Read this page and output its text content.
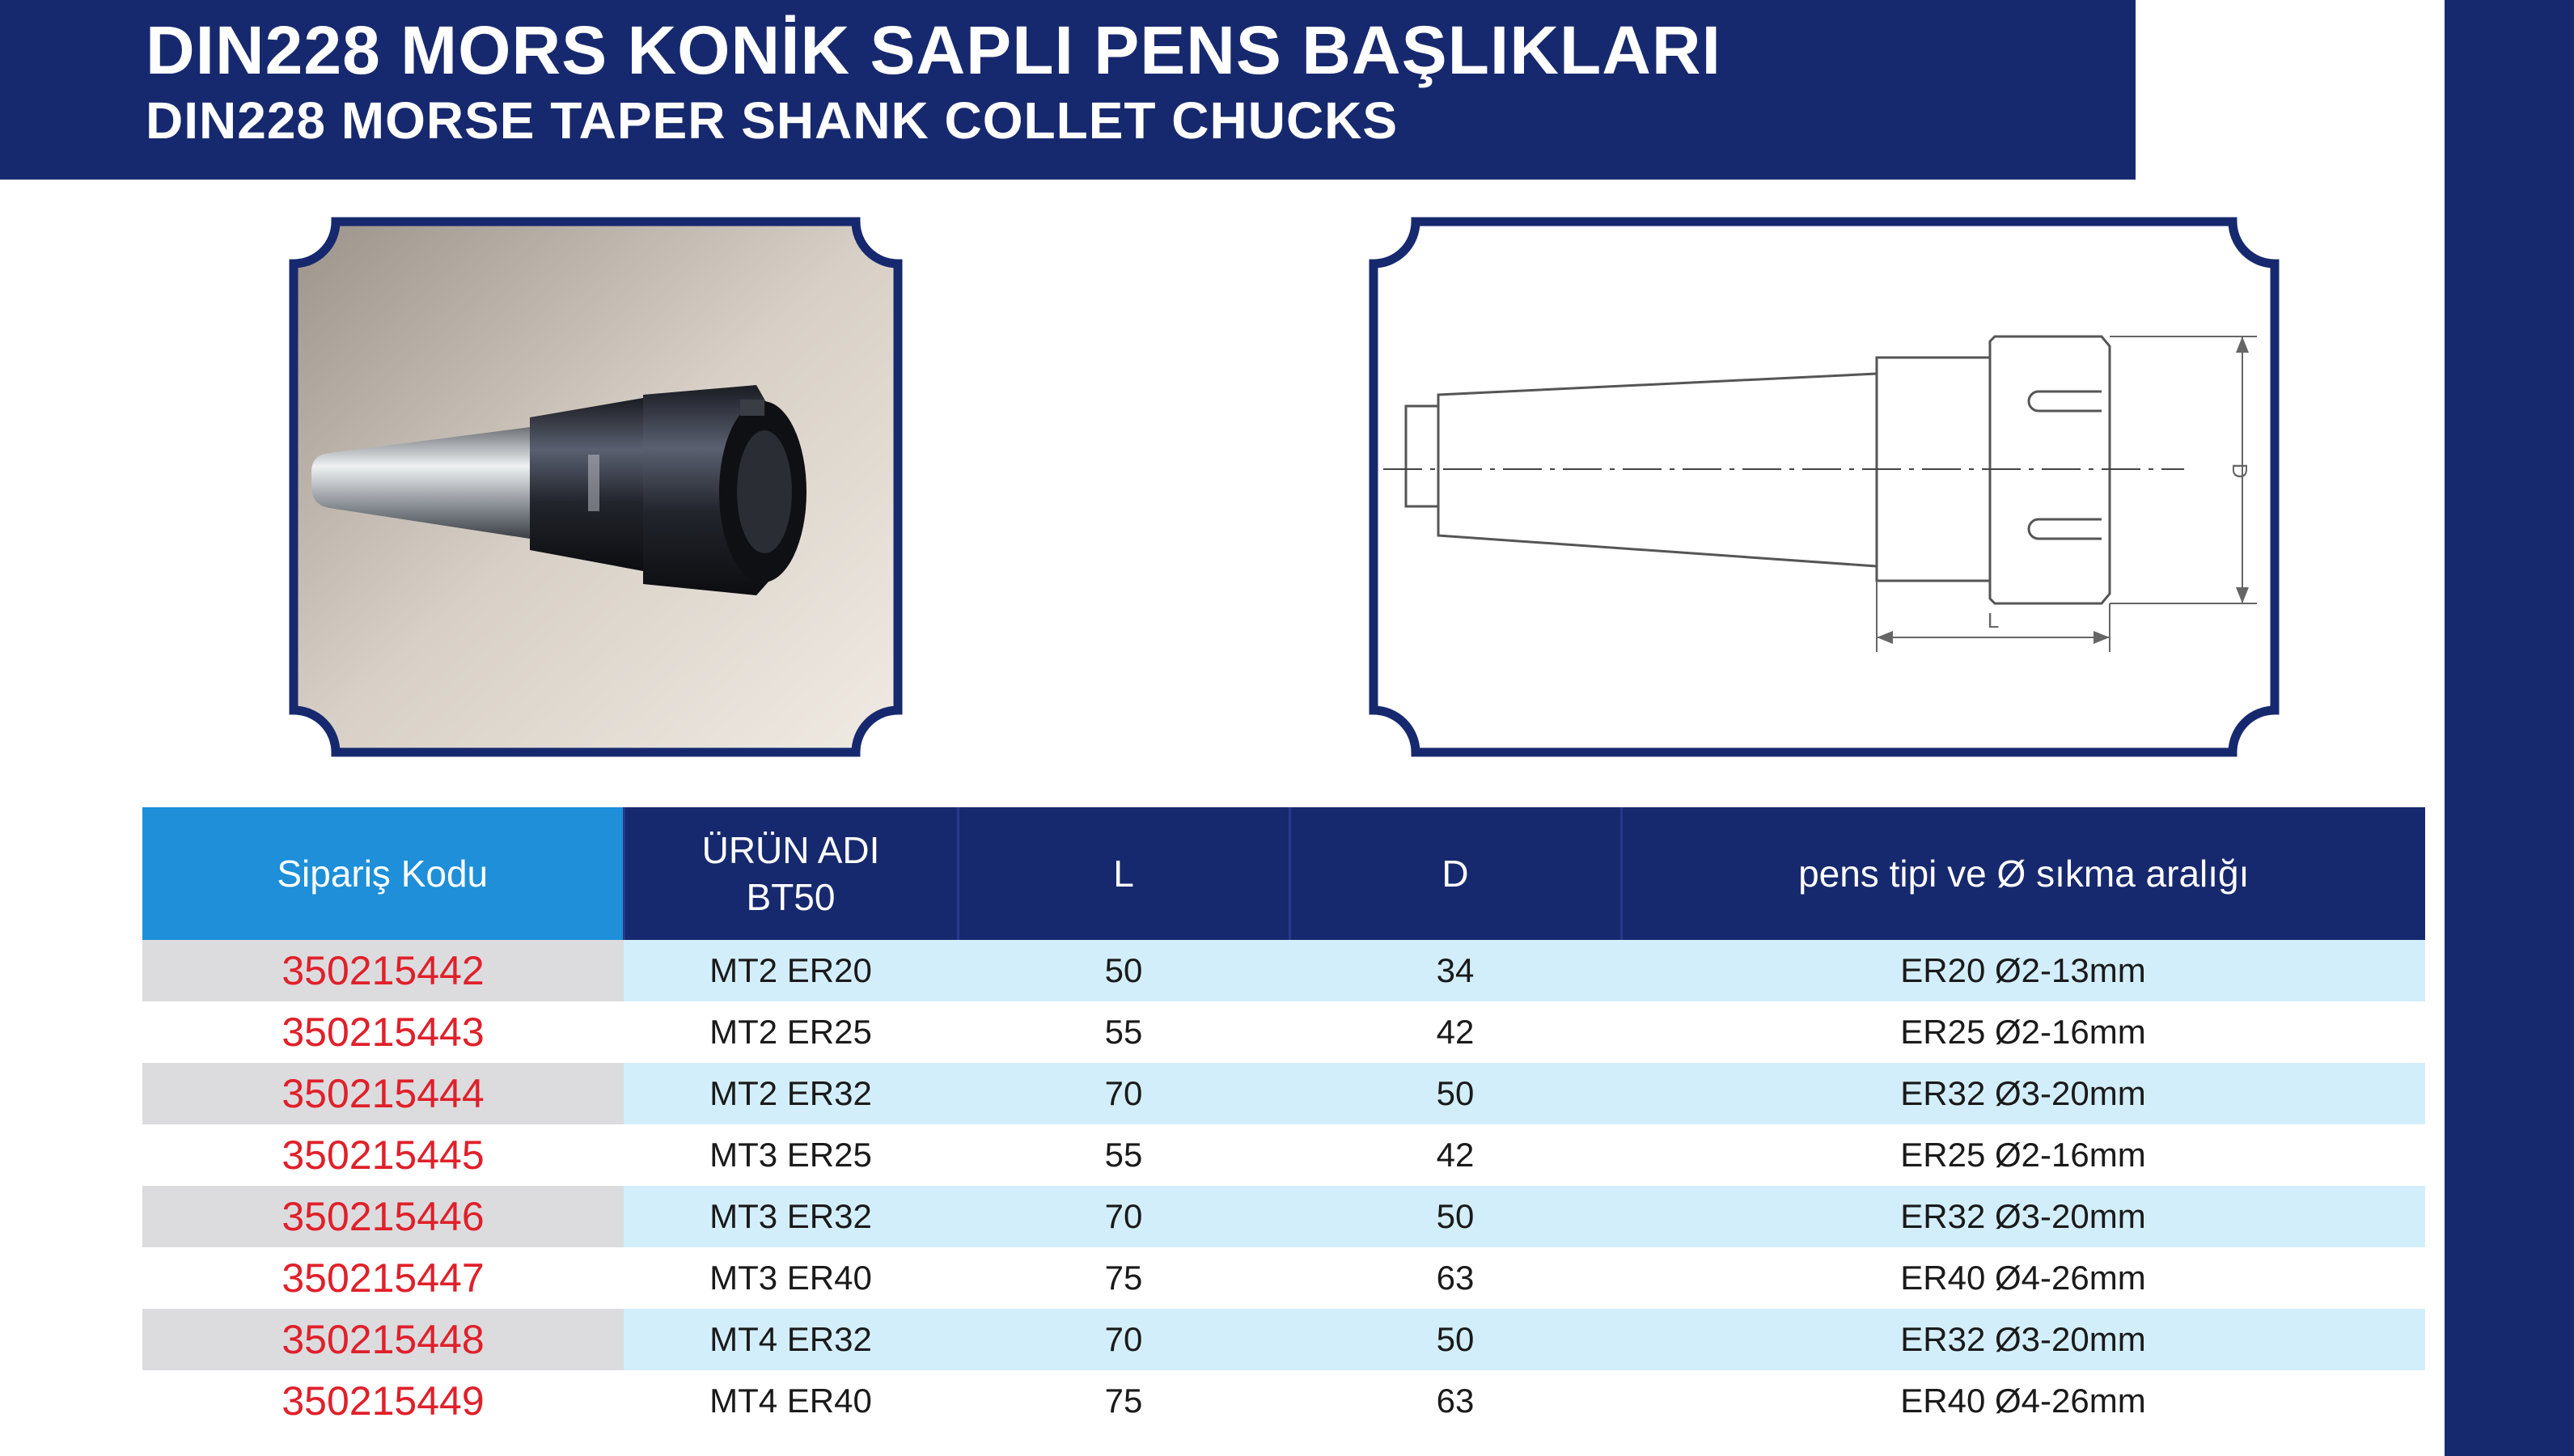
DIN228 MORS KONİK SAPLI PENS BAŞLIKLARI
DIN228 MORSE TAPER SHANK COLLET CHUCKS
D
L
Sipariş Kodu	ÜRÜN ADI
BT50	L	D	pens tipi ve Ø sıkma aralığı
350215442	MT2 ER20	50	34	ER20 Ø2-13mm
350215443	MT2 ER25	55	42	ER25 Ø2-16mm
350215444	MT2 ER32	70	50	ER32 Ø3-20mm
350215445	MT3 ER25	55	42	ER25 Ø2-16mm
350215446	MT3 ER32	70	50	ER32 Ø3-20mm
350215447	MT3 ER40	75	63	ER40 Ø4-26mm
350215448	MT4 ER32	70	50	ER32 Ø3-20mm
350215449	MT4 ER40	75	63	ER40 Ø4-26mm
